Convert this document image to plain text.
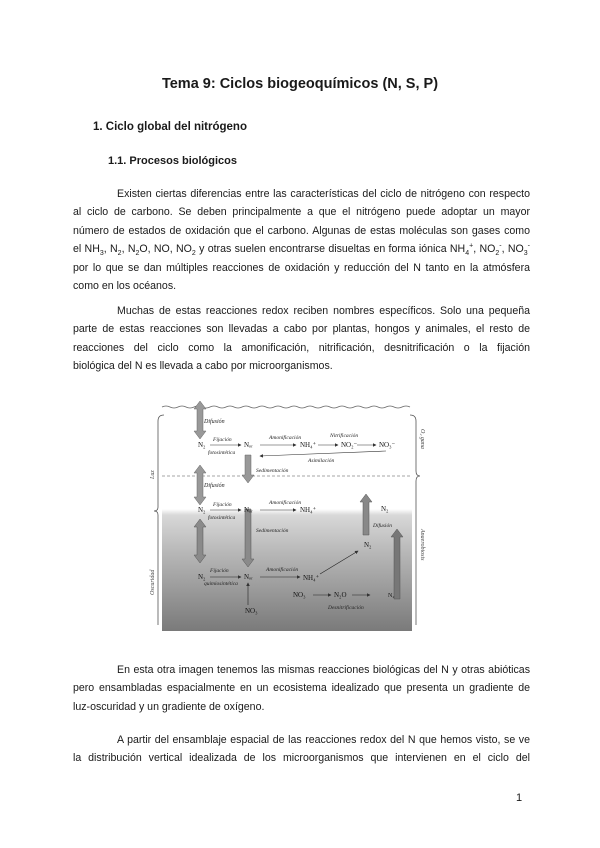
Tema 9: Ciclos biogeoquímicos (N, S, P)
1. Ciclo global del nitrógeno
1.1. Procesos biológicos
Existen ciertas diferencias entre las características del ciclo de nitrógeno con respecto
al ciclo de carbono. Se deben principalmente a que el nitrógeno puede adoptar un mayor
número de estados de oxidación que el carbono. Algunas de estas moléculas son gases como
el $NH_3$, $N_2$, $N_2O$, NO, $NO_2$ y otras suelen encontrarse disueltas en forma iónica $NH_4^+$, $NO_2^-$, $NO_3^-$
por lo que se dan múltiples reacciones de oxidación y reducción del N tanto en la atmósfera
como en los océanos.
Muchas de estas reacciones redox reciben nombres específicos. Solo una pequeña
parte de estas reacciones son llevadas a cabo por plantas, hongos y animales, el resto de
reacciones del ciclo como la amonificación, nitrificación, desnitrificación o la fijación
biológica del N es llevada a cabo por microorganismos.
Luz
Oscuridad
O₂ gana
Anaerobiosis
Difusión
Difusión
N₂
Fijación
fotosintética
Nₒᵣ
Amonificación
NH₄⁺
Nitrificación
NO₂⁻	NO₃⁻
Asimilación
Sedimentación
N₂
Fijación
fotosintética
Nₒᵣ
Amonificación
NH₄⁺
Sedimentación
N₂
Difusión
N₂
N₂
Fijación
quimiosintética
Nₒᵣ
Amonificación
NH₄⁺
NO₃	N₂O	N₂
Desnitrificación
NO₃
En esta otra imagen tenemos las mismas reacciones biológicas del N y otras abióticas
pero ensambladas espacialmente en un ecosistema idealizado que presenta un gradiente de
luz-oscuridad y un gradiente de oxígeno.
A partir del ensamblaje espacial de las reacciones redox del N que hemos visto, se ve
la distribución vertical idealizada de los microorganismos que intervienen en el ciclo del
1
